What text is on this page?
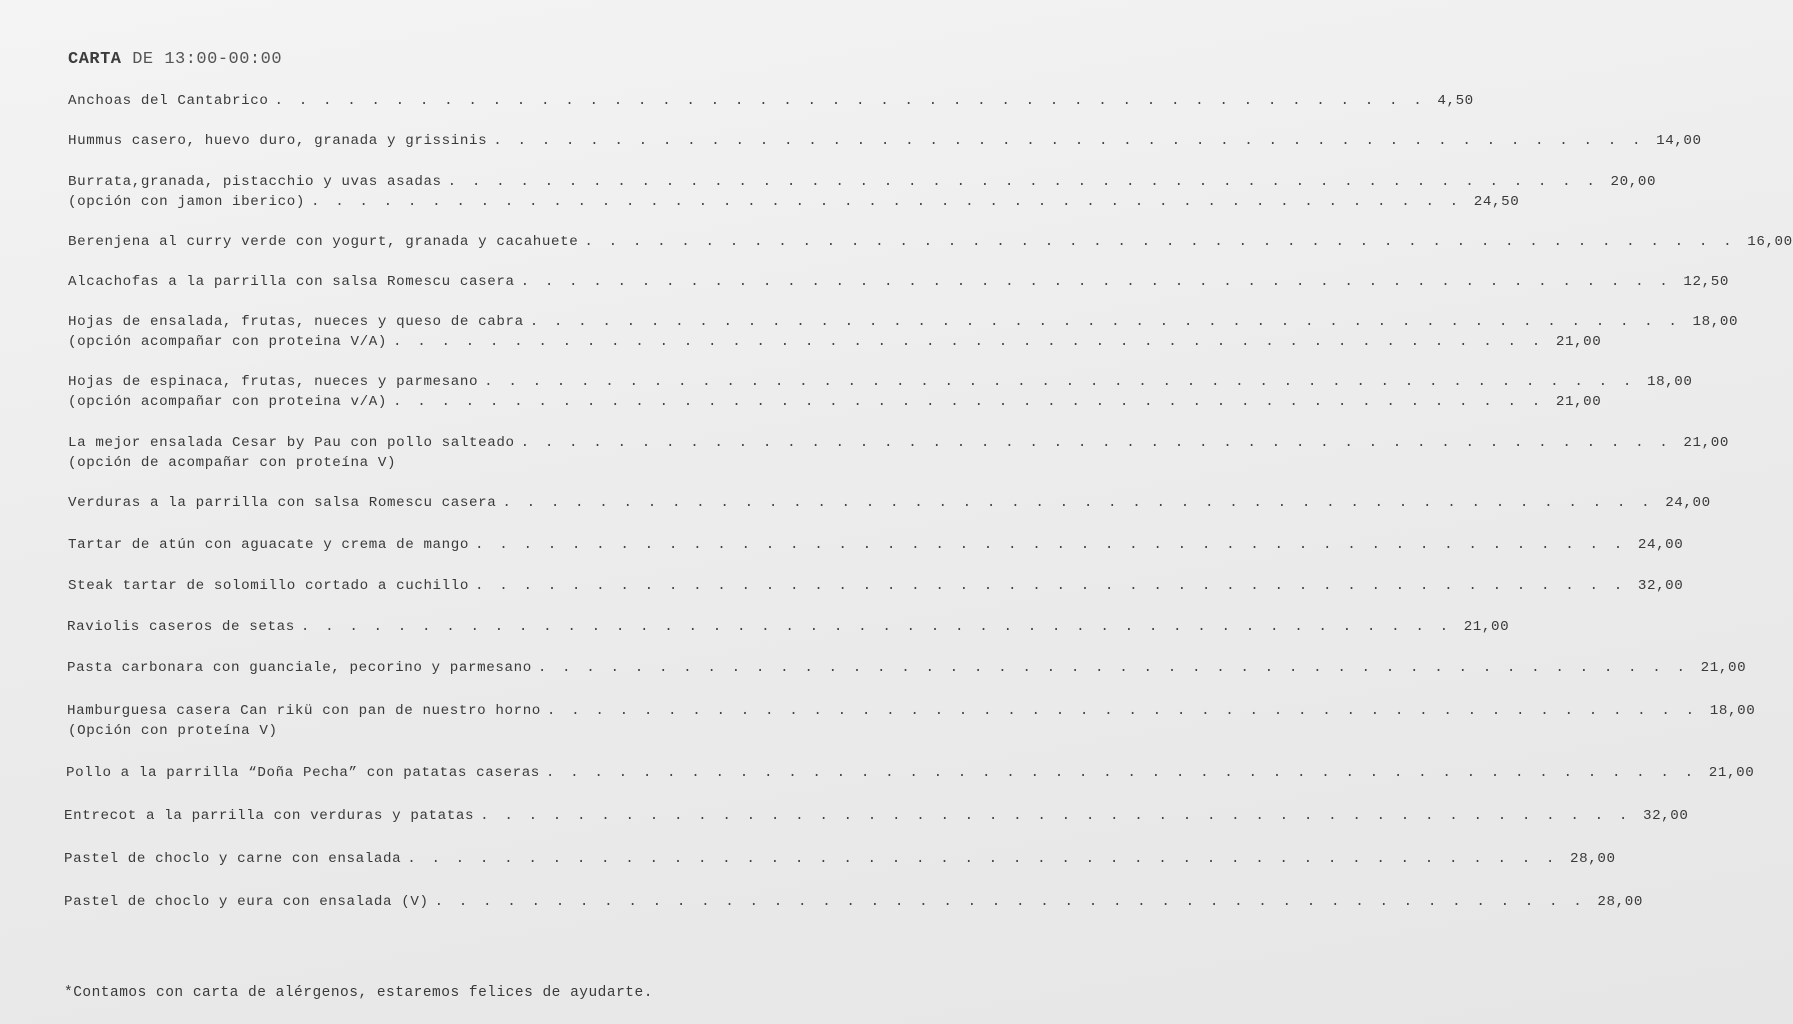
CARTA DE 13:00-00:00
Anchoas del Cantabrico . . . . . . . . . . . . . . . . . . . . . . . . . . . . . . . . . . . . . . . . . . . . . . . . 4,50
Hummus casero, huevo duro, granada y grissinis . . . . . . . . . . . . . . . . . . . . . . . . . . . . . . . . . . . . . . . . . . . . . . . . 14,00
Burrata,granada, pistacchio y uvas asadas . . . . . . . . . . . . . . . . . . . . . . . . . . . . . . . . . . . . . . . . . . . . . . . . 20,00
(opción con jamon iberico) . . . . . . . . . . . . . . . . . . . . . . . . . . . . . . . . . . . . . . . . . . . . . . . . 24,50
Berenjena al curry verde con yogurt, granada y cacahuete . . . . . . . . . . . . . . . . . . . . . . . . . . . . . . . . . . . . . . . . . . . . . . . . 16,00
Alcachofas a la parrilla con salsa Romescu casera . . . . . . . . . . . . . . . . . . . . . . . . . . . . . . . . . . . . . . . . . . . . . . . . 12,50
Hojas de ensalada, frutas, nueces y queso de cabra . . . . . . . . . . . . . . . . . . . . . . . . . . . . . . . . . . . . . . . . . . . . . . . . 18,00
(opción acompañar con proteina V/A) . . . . . . . . . . . . . . . . . . . . . . . . . . . . . . . . . . . . . . . . . . . . . . . . 21,00
Hojas de espinaca, frutas, nueces y parmesano . . . . . . . . . . . . . . . . . . . . . . . . . . . . . . . . . . . . . . . . . . . . . . . . 18,00
(opción acompañar con proteina v/A) . . . . . . . . . . . . . . . . . . . . . . . . . . . . . . . . . . . . . . . . . . . . . . . . 21,00
La mejor ensalada Cesar by Pau con pollo salteado . . . . . . . . . . . . . . . . . . . . . . . . . . . . . . . . . . . . . . . . . . . . . . . . 21,00
(opción de acompañar con proteína V)
Verduras a la parrilla con salsa Romescu casera . . . . . . . . . . . . . . . . . . . . . . . . . . . . . . . . . . . . . . . . . . . . . . . . 24,00
Tartar de atún con aguacate y crema de mango . . . . . . . . . . . . . . . . . . . . . . . . . . . . . . . . . . . . . . . . . . . . . . . . 24,00
Steak tartar de solomillo cortado a cuchillo . . . . . . . . . . . . . . . . . . . . . . . . . . . . . . . . . . . . . . . . . . . . . . . . 32,00
Raviolis caseros de setas . . . . . . . . . . . . . . . . . . . . . . . . . . . . . . . . . . . . . . . . . . . . . . . . 21,00
Pasta carbonara con guanciale, pecorino y parmesano . . . . . . . . . . . . . . . . . . . . . . . . . . . . . . . . . . . . . . . . . . . . . . . . 21,00
Hamburguesa casera Can rikü con pan de nuestro horno . . . . . . . . . . . . . . . . . . . . . . . . . . . . . . . . . . . . . . . . . . . . . . . . 18,00
(Opción con proteína V)
Pollo a la parrilla “Doña Pecha” con patatas caseras . . . . . . . . . . . . . . . . . . . . . . . . . . . . . . . . . . . . . . . . . . . . . . . . 21,00
Entrecot a la parrilla con verduras y patatas . . . . . . . . . . . . . . . . . . . . . . . . . . . . . . . . . . . . . . . . . . . . . . . . 32,00
Pastel de choclo y carne con ensalada . . . . . . . . . . . . . . . . . . . . . . . . . . . . . . . . . . . . . . . . . . . . . . . . 28,00
Pastel de choclo y eura con ensalada (V) . . . . . . . . . . . . . . . . . . . . . . . . . . . . . . . . . . . . . . . . . . . . . . . . 28,00
*Contamos con carta de alérgenos, estaremos felices de ayudarte.
